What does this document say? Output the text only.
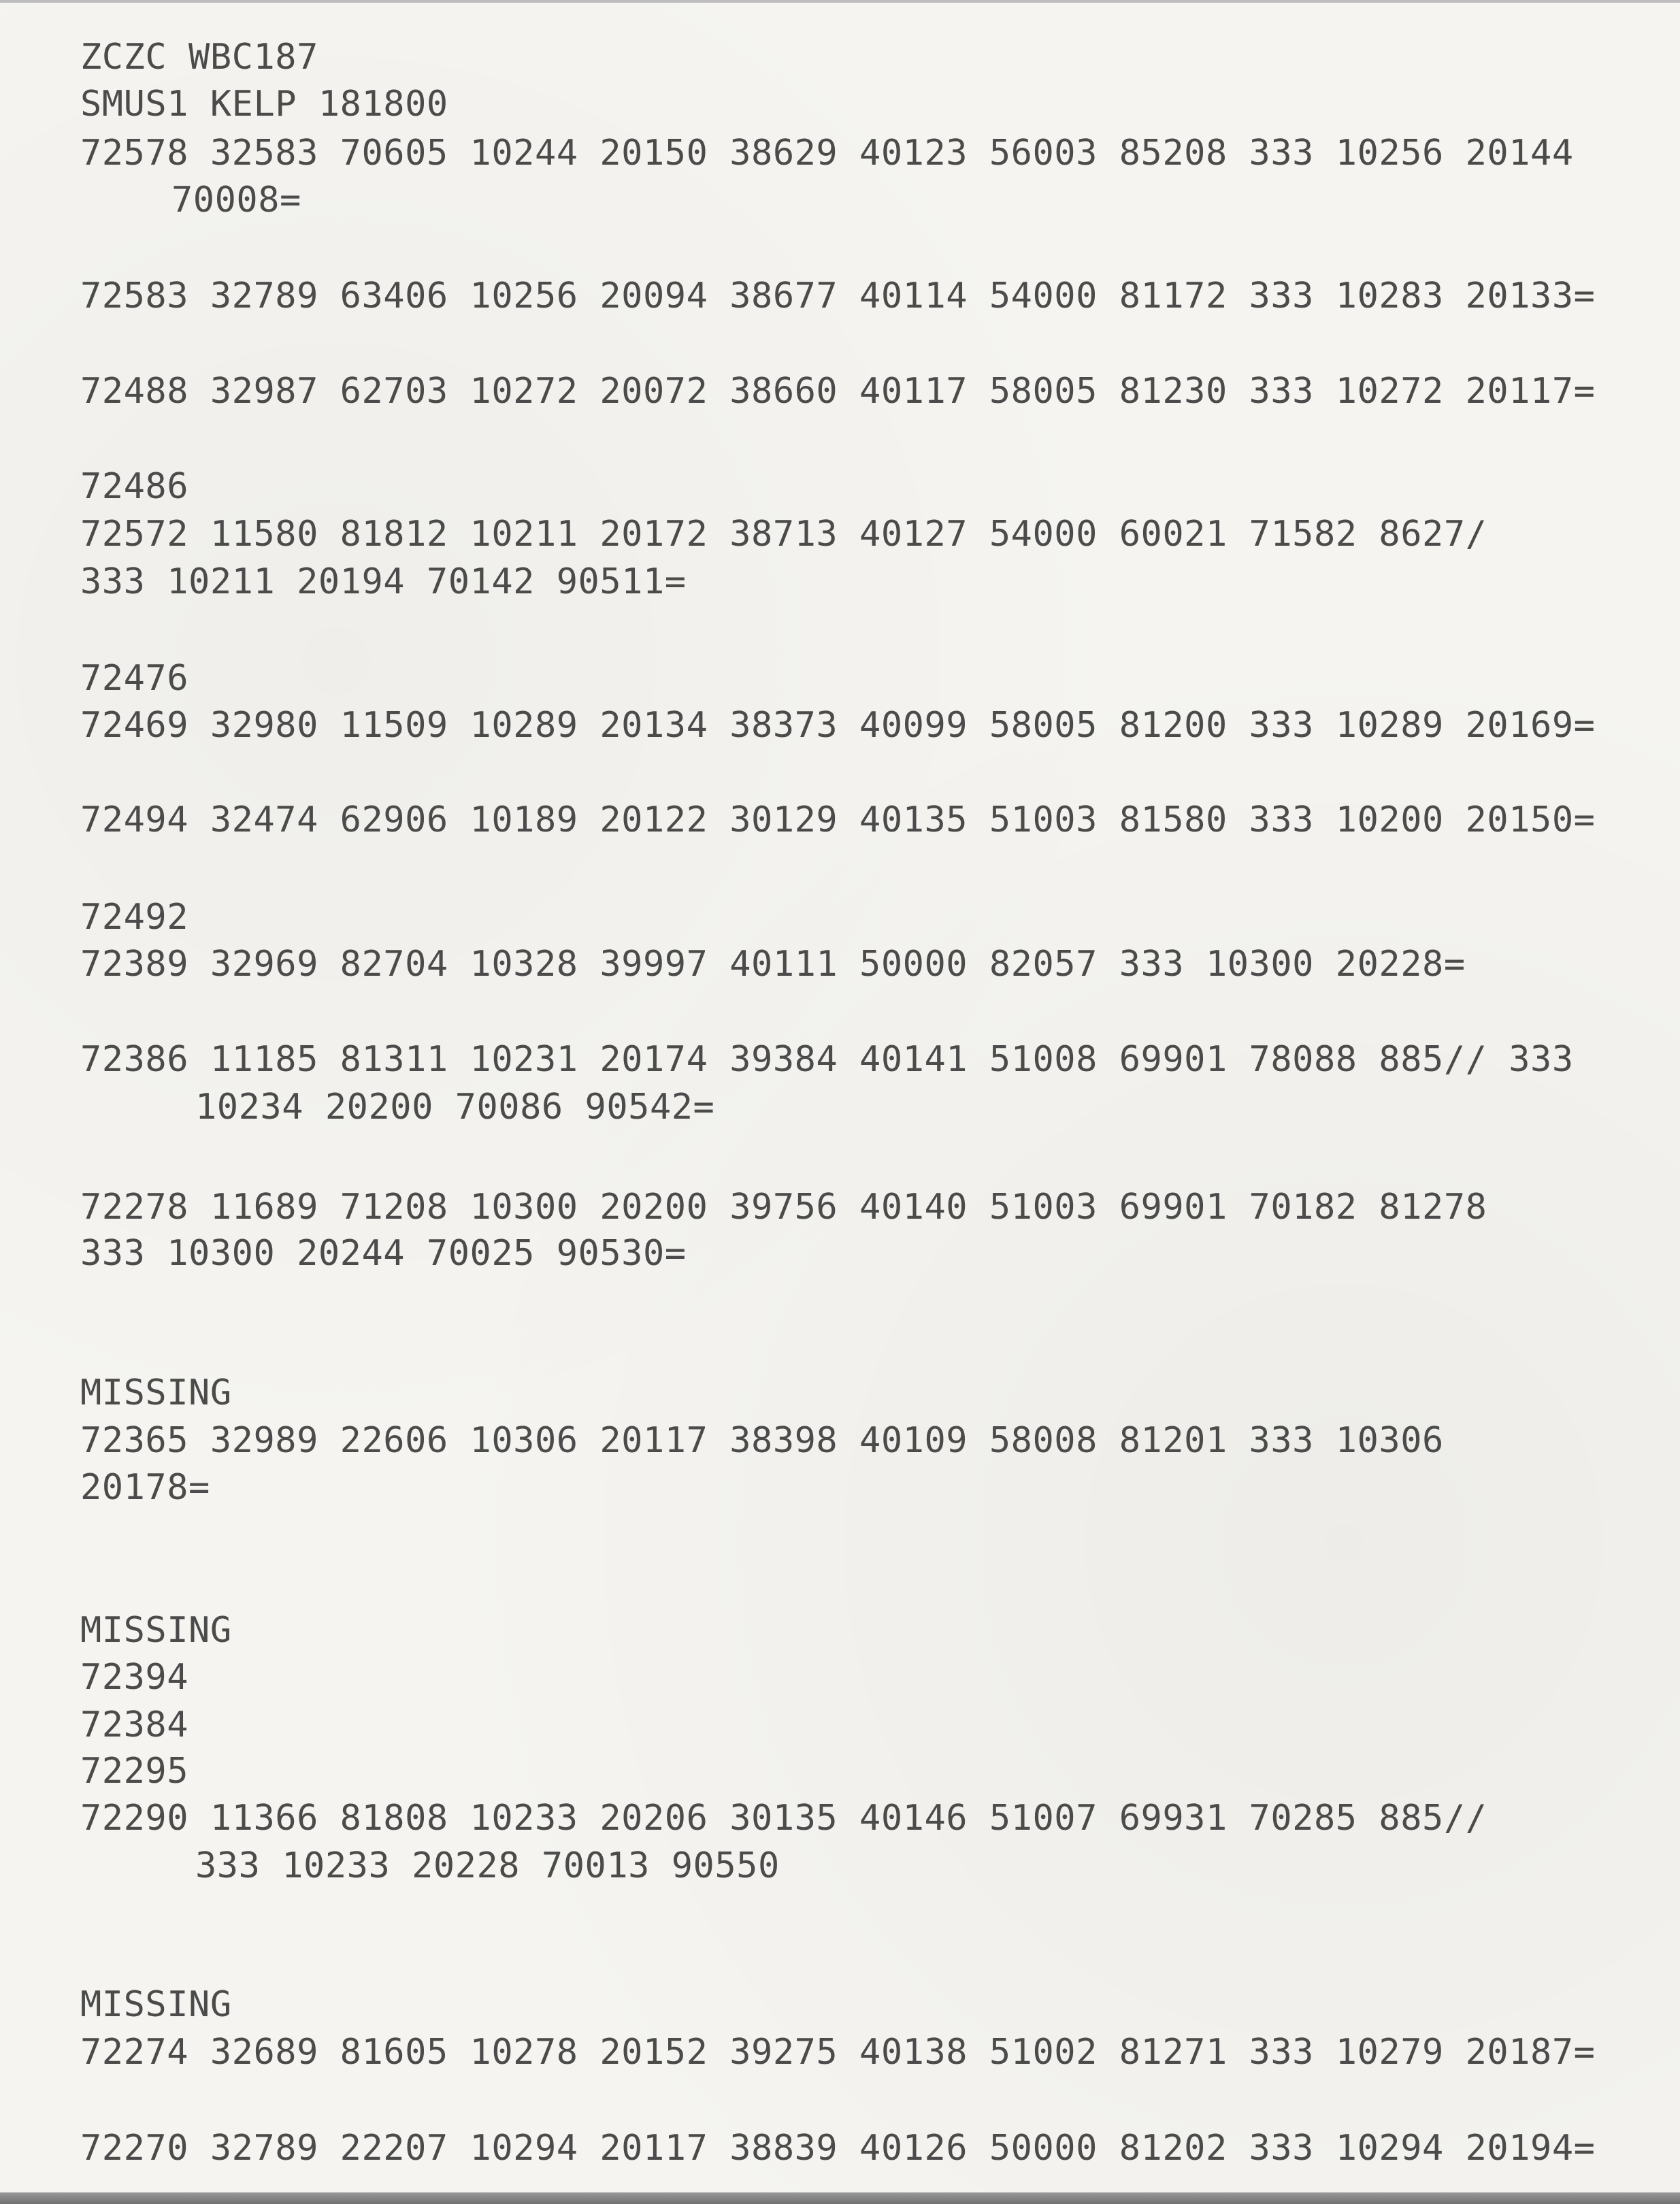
ZCZC WBC187
SMUS1 KELP 181800
72578 32583 70605 10244 20150 38629 40123 56003 85208 333 10256 20144
70008=
72583 32789 63406 10256 20094 38677 40114 54000 81172 333 10283 20133=
72488 32987 62703 10272 20072 38660 40117 58005 81230 333 10272 20117=
72486
72572 11580 81812 10211 20172 38713 40127 54000 60021 71582 8627/
333 10211 20194 70142 90511=
72476
72469 32980 11509 10289 20134 38373 40099 58005 81200 333 10289 20169=
72494 32474 62906 10189 20122 30129 40135 51003 81580 333 10200 20150=
72492
72389 32969 82704 10328 39997 40111 50000 82057 333 10300 20228=
72386 11185 81311 10231 20174 39384 40141 51008 69901 78088 885// 333
10234 20200 70086 90542=
72278 11689 71208 10300 20200 39756 40140 51003 69901 70182 81278
333 10300 20244 70025 90530=
MISSING
72365 32989 22606 10306 20117 38398 40109 58008 81201 333 10306
20178=
MISSING
72394
72384
72295
72290 11366 81808 10233 20206 30135 40146 51007 69931 70285 885//
333 10233 20228 70013 90550
MISSING
72274 32689 81605 10278 20152 39275 40138 51002 81271 333 10279 20187=
72270 32789 22207 10294 20117 38839 40126 50000 81202 333 10294 20194=
